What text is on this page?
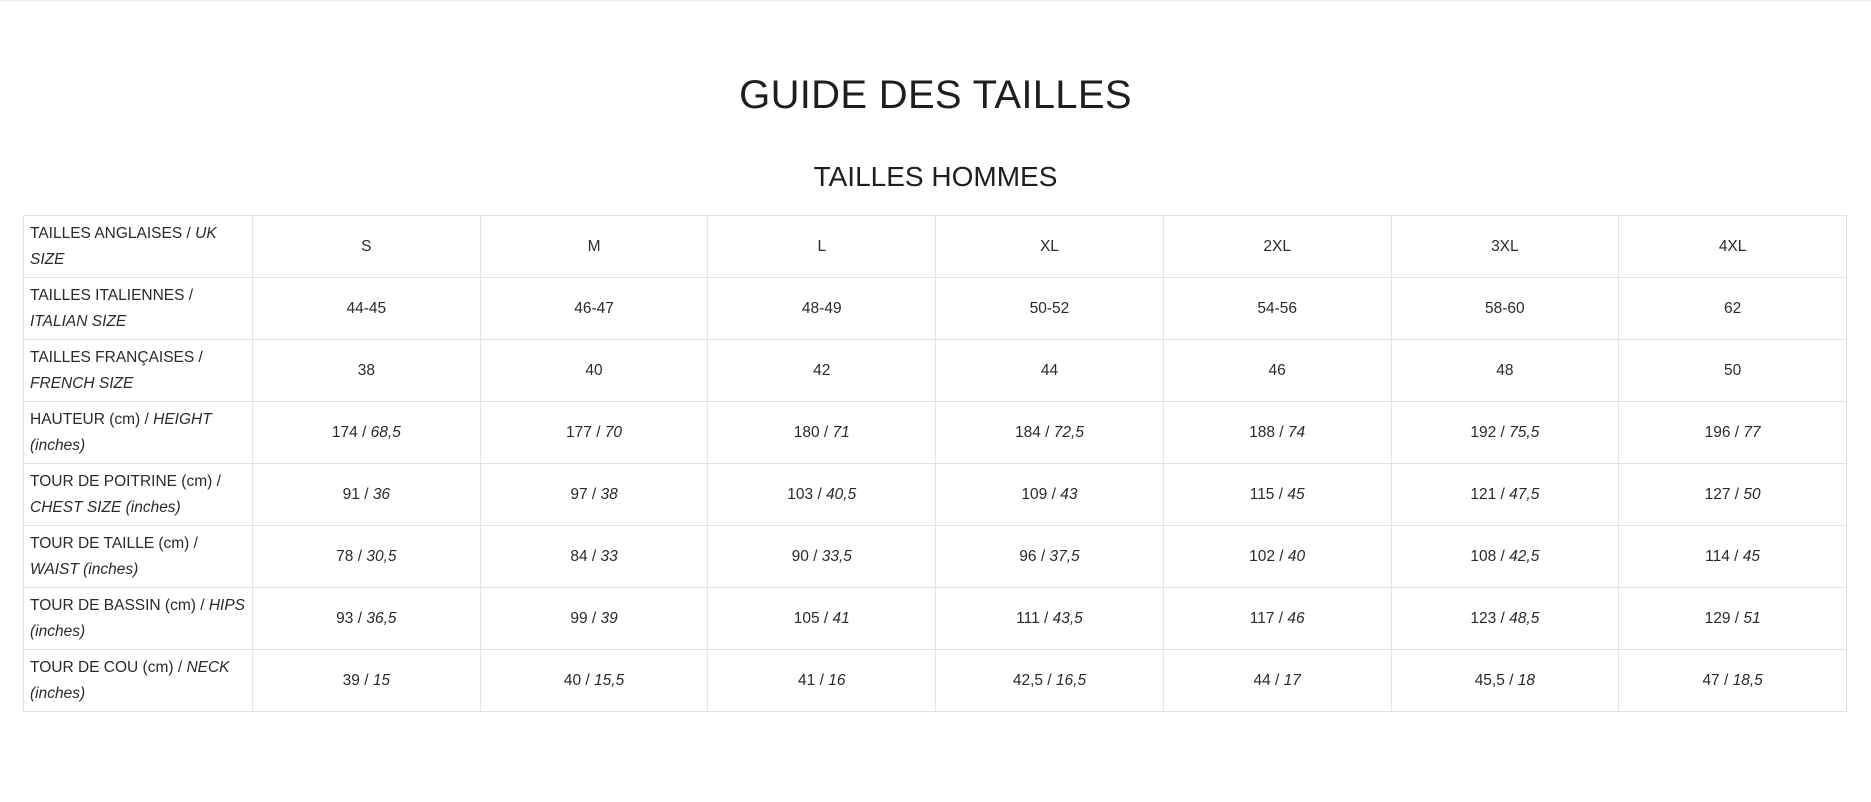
GUIDE DES TAILLES
TAILLES HOMMES
TAILLES ANGLAISES / UK SIZE	S	M	L	XL	2XL	3XL	4XL
TAILLES ITALIENNES / ITALIAN SIZE	44-45	46-47	48-49	50-52	54-56	58-60	62
TAILLES FRANÇAISES / FRENCH SIZE	38	40	42	44	46	48	50
HAUTEUR (cm) / HEIGHT (inches)	174 / 68,5	177 / 70	180 / 71	184 / 72,5	188 / 74	192 / 75,5	196 / 77
TOUR DE POITRINE (cm) / CHEST SIZE (inches)	91 / 36	97 / 38	103 / 40,5	109 / 43	115 / 45	121 / 47,5	127 / 50
TOUR DE TAILLE (cm) / WAIST (inches)	78 / 30,5	84 / 33	90 / 33,5	96 / 37,5	102 / 40	108 / 42,5	114 / 45
TOUR DE BASSIN (cm) / HIPS (inches)	93 / 36,5	99 / 39	105 / 41	111 / 43,5	117 / 46	123 / 48,5	129 / 51
TOUR DE COU (cm) / NECK (inches)	39 / 15	40 / 15,5	41 / 16	42,5 / 16,5	44 / 17	45,5 / 18	47 / 18,5
